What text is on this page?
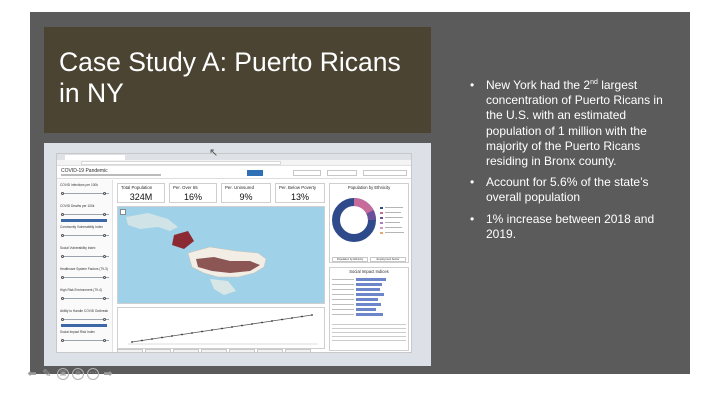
Case Study A: Puerto Ricans in NY
COVID-19 Pandemic
COVID Infections per 100k
COVID Deaths per 100k
Community Vulnerability Index
Social Vulnerability Index
Healthcare System Factors (79-3)
High Risk Environment (79-4)
Ability to Handle COVID Outbreak
Social Impact Risk Index
Total Population
324M
Per. Over 65
16%
Per. Uninsured
9%
Per. Below Poverty
13%
Population by Ethnicity
Population by Ethnicity	Employment Sector
Social Impact Indices
↖
• New York had the 2nd largest concentration of Puerto Ricans in the U.S. with an estimated population of 1 million with the majority of the Puerto Ricans residing in Bronx county.
• Account for 5.6% of the state’s overall population
• 1% increase between 2018 and 2019.
⬅ ✎	▣	⊕	⋯ ➡
